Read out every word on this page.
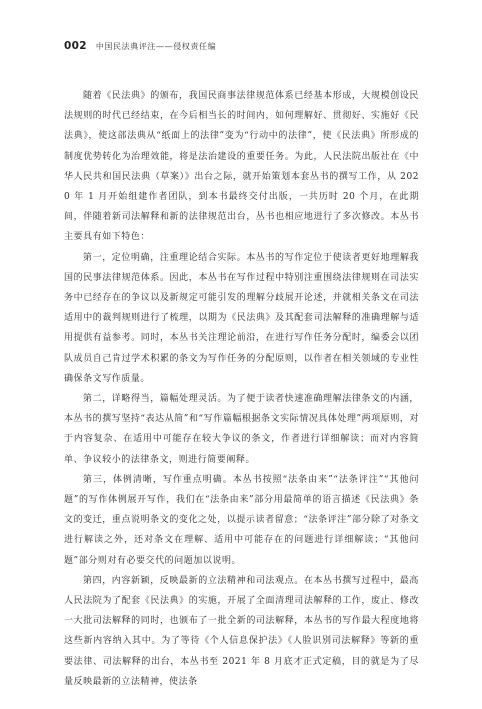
002 中国民法典评注——侵权责任编

随着《民法典》的颁布，我国民商事法律规范体系已经基本形成，大规模创设民法规则的时代已经结束，在今后相当长的时间内，如何理解好、贯彻好、实施好《民法典》，使这部法典从“纸面上的法律”变为“行动中的法律”，使《民法典》所形成的制度优势转化为治理效能，将是法治建设的重要任务。为此，人民法院出版社在《中华人民共和国民法典（草案）》出台之际，就开始策划本套丛书的撰写工作，从 2020 年 1 月开始组建作者团队，到本书最终交付出版，一共历时 20 个月，在此期间，伴随着新司法解释和新的法律规范出台，丛书也相应地进行了多次修改。本丛书主要具有如下特色：

第一，定位明确，注重理论结合实际。本丛书的写作定位于使读者更好地理解我国的民事法律规范体系。因此，本丛书在写作过程中特别注重围绕法律规则在司法实务中已经存在的争议以及新规定可能引发的理解分歧展开论述，并就相关条文在司法适用中的裁判规则进行了梳理，以期为《民法典》及其配套司法解释的准确理解与适用提供有益参考。同时，本丛书关注理论前沿，在进行写作任务分配时，编委会以团队成员自己肯过学术积累的条文为写作任务的分配原则，以作者在相关领域的专业性确保条文写作质量。

第二，详略得当，篇幅处理灵活。为了便于读者快速准确理解法律条文的内涵，本丛书的撰写坚持“表达从简”和“写作篇幅根据条文实际情况具体处理”两项原则，对于内容复杂、在适用中可能存在较大争议的条文，作者进行详细解读；而对内容简单、争议较小的法律条文，则进行简要阐释。

第三，体例清晰，写作重点明确。本丛书按照“法条由来”“法条评注”“其他问题”的写作体例展开写作，我们在“法条由来”部分用最简单的语言描述《民法典》条文的变迁，重点说明条文的变化之处，以提示读者留意；“法条评注”部分除了对条文进行解读之外，还对条文在理解、适用中可能存在的问题进行详细解读；“其他问题”部分则对有必要交代的问题加以说明。

第四，内容新颖，反映最新的立法精神和司法观点。在本丛书撰写过程中，最高人民法院为了配套《民法典》的实施，开展了全面清理司法解释的工作，废止、修改一大批司法解释的同时，也颁布了一批全新的司法解释，本丛书的写作最大程度地将这些新内容纳入其中。为了等待《个人信息保护法》《人脸识别司法解释》等新的重要法律、司法解释的出台，本丛书至 2021 年 8 月底才正式定稿，目的就是为了尽量反映最新的立法精神，使法条
